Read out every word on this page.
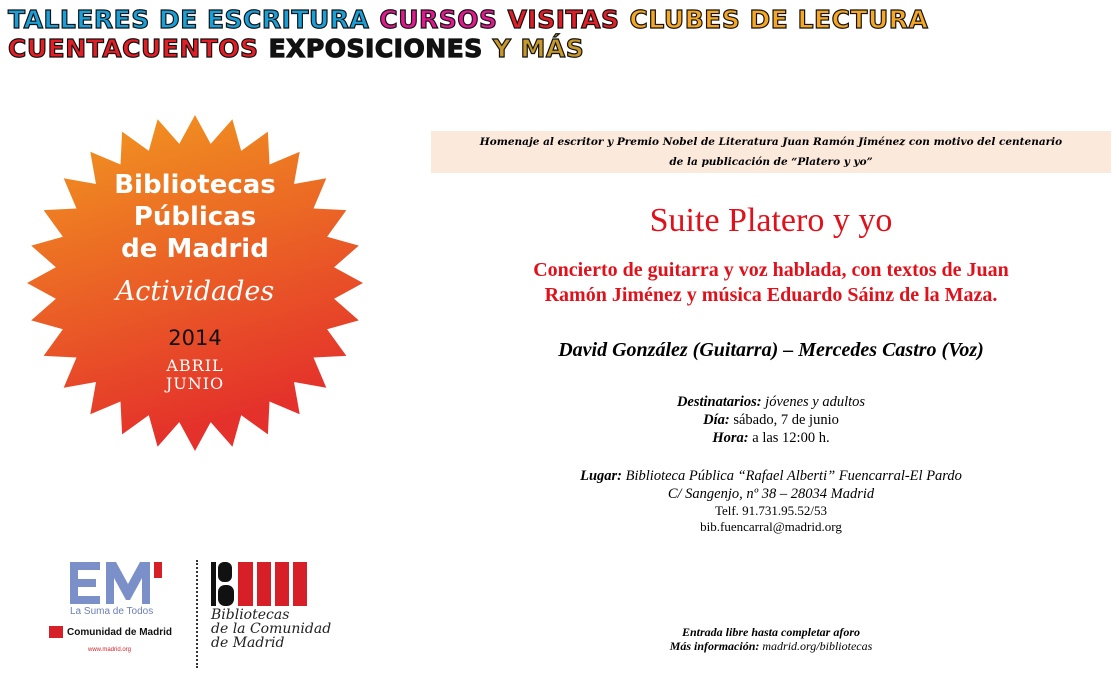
TALLERES DE ESCRITURA CURSOS VISITAS CLUBES DE LECTURA
CUENTACUENTOS EXPOSICIONES Y MÁS
Bibliotecas
Públicas
de Madrid
Actividades
2014
ABRIL
JUNIO
La Suma de Todos
Comunidad de Madrid
www.madrid.org
Bibliotecas
de la Comunidad
de Madrid
Homenaje al escritor y Premio Nobel de Literatura Juan Ramón Jiménez con motivo del centenario
de la publicación de “Platero y yo”
Suite Platero y yo
Concierto de guitarra y voz hablada, con textos de Juan
Ramón Jiménez y música Eduardo Sáinz de la Maza.
David González (Guitarra) – Mercedes Castro (Voz)
Destinatarios: jóvenes y adultos
Día: sábado, 7 de junio
Hora: a las 12:00 h.
Lugar: Biblioteca Pública “Rafael Alberti” Fuencarral-El Pardo
C/ Sangenjo, nº 38 – 28034 Madrid
Telf. 91.731.95.52/53
bib.fuencarral@madrid.org
Entrada libre hasta completar aforo
Más información: madrid.org/bibliotecas
